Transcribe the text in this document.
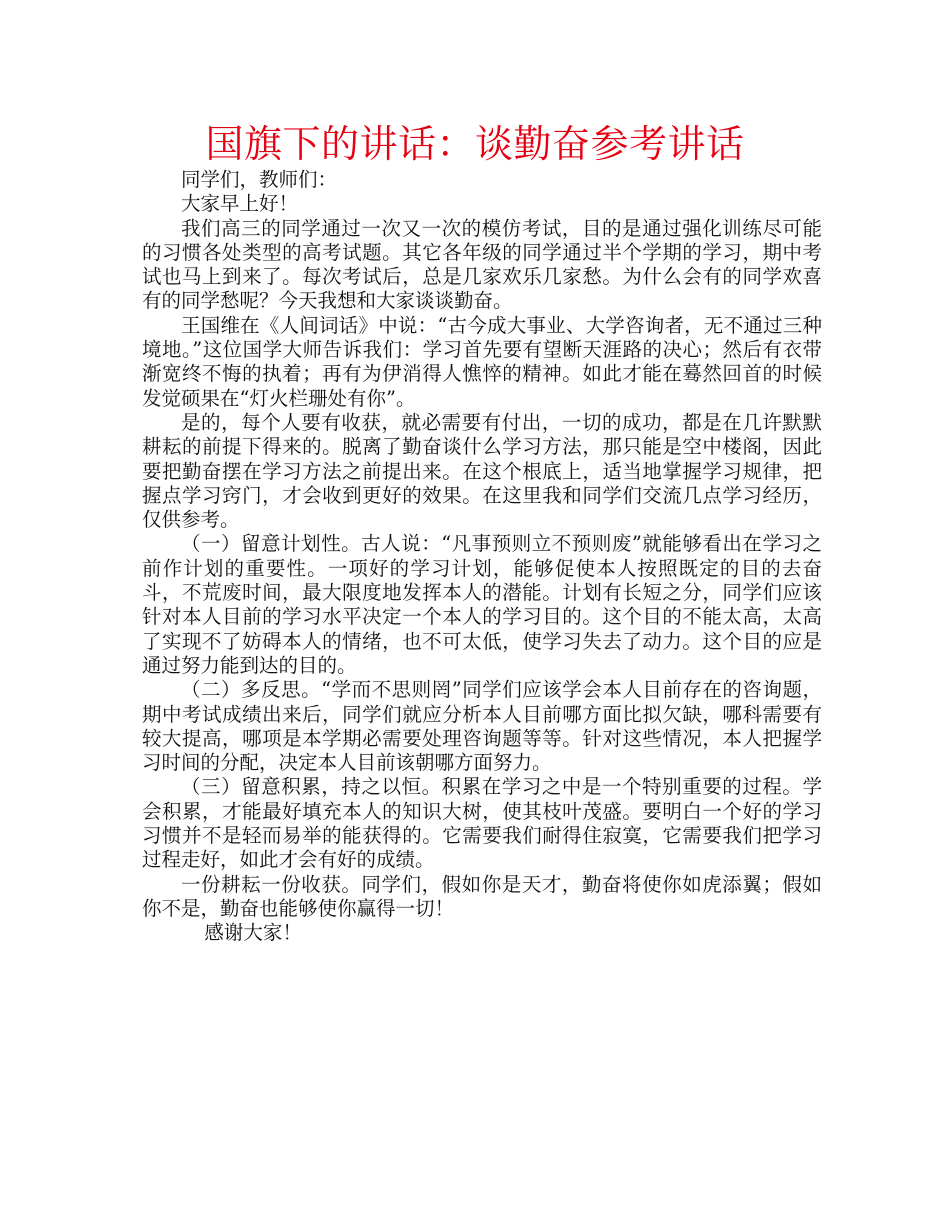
国旗下的讲话：谈勤奋参考讲话

同学们，教师们：

大家早上好！

我们高三的同学通过一次又一次的模仿考试，目的是通过强化训练尽可能的习惯各处类型的高考试题。其它各年级的同学通过半个学期的学习，期中考试也马上到来了。每次考试后，总是几家欢乐几家愁。为什么会有的同学欢喜有的同学愁呢？今天我想和大家谈谈勤奋。

王国维在《人间词话》中说：“古今成大事业、大学咨询者，无不通过三种境地。”这位国学大师告诉我们：学习首先要有望断天涯路的决心；然后有衣带渐宽终不悔的执着；再有为伊消得人憔悴的精神。如此才能在蓦然回首的时候发觉硕果在“灯火栏珊处有你”。

是的，每个人要有收获，就必需要有付出，一切的成功，都是在几许默默耕耘的前提下得来的。脱离了勤奋谈什么学习方法，那只能是空中楼阁，因此要把勤奋摆在学习方法之前提出来。在这个根底上，适当地掌握学习规律，把握点学习窍门，才会收到更好的效果。在这里我和同学们交流几点学习经历，仅供参考。

（一）留意计划性。古人说：“凡事预则立不预则废”就能够看出在学习之前作计划的重要性。一项好的学习计划，能够促使本人按照既定的目的去奋斗，不荒废时间，最大限度地发挥本人的潜能。计划有长短之分，同学们应该针对本人目前的学习水平决定一个本人的学习目的。这个目的不能太高，太高了实现不了妨碍本人的情绪，也不可太低，使学习失去了动力。这个目的应是通过努力能到达的目的。

（二）多反思。“学而不思则罔”同学们应该学会本人目前存在的咨询题，期中考试成绩出来后，同学们就应分析本人目前哪方面比拟欠缺，哪科需要有较大提高，哪项是本学期必需要处理咨询题等等。针对这些情况，本人把握学习时间的分配，决定本人目前该朝哪方面努力。

（三）留意积累，持之以恒。积累在学习之中是一个特别重要的过程。学会积累，才能最好填充本人的知识大树，使其枝叶茂盛。要明白一个好的学习习惯并不是轻而易举的能获得的。它需要我们耐得住寂寞，它需要我们把学习过程走好，如此才会有好的成绩。

一份耕耘一份收获。同学们，假如你是天才，勤奋将使你如虎添翼；假如你不是，勤奋也能够使你赢得一切！

感谢大家！
